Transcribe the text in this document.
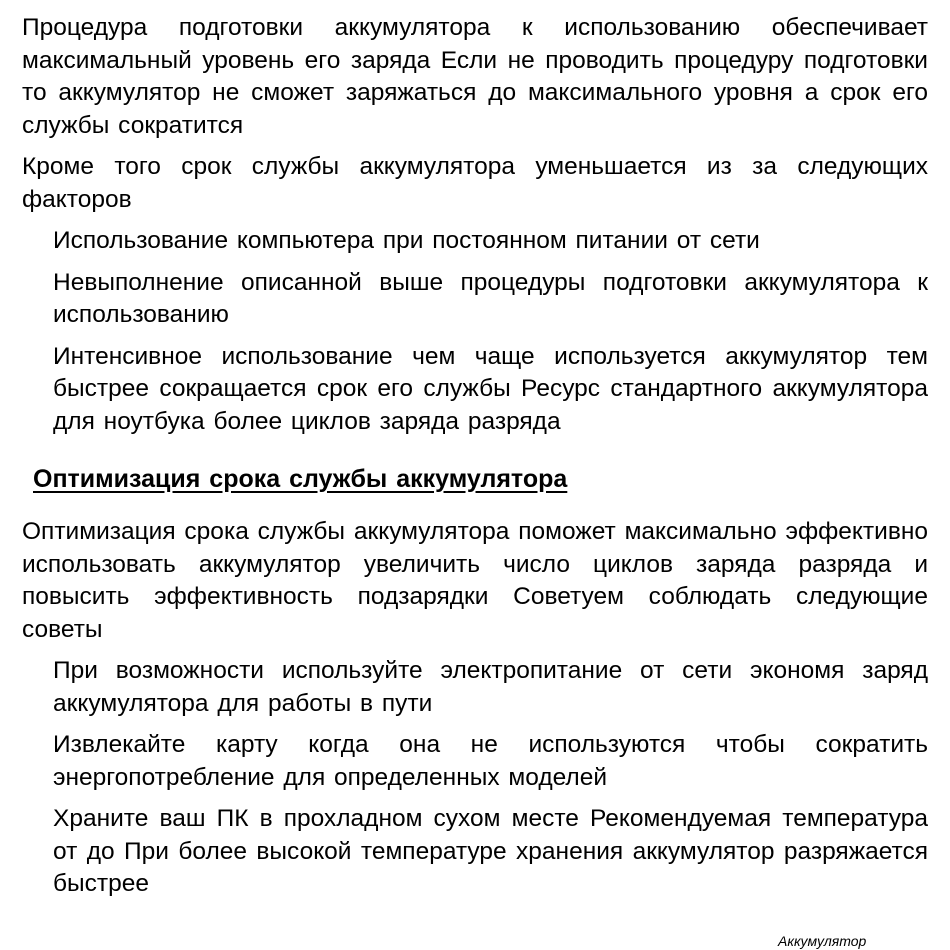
Процедура подготовки аккумулятора к использованию обеспечивает максимальный уровень его заряда Если не проводить процедуру подготовки то аккумулятор не сможет заряжаться до максимального уровня а срок его службы сократится

Кроме того срок службы аккумулятора уменьшается из за следующих факторов

Использование компьютера при постоянном питании от сети

Невыполнение описанной выше процедуры подготовки аккумулятора к использованию

Интенсивное использование чем чаще используется аккумулятор тем быстрее сокращается срок его службы Ресурс стандартного аккумулятора для ноутбука более циклов заряда разряда

Оптимизация срока службы аккумулятора

Оптимизация срока службы аккумулятора поможет максимально эффективно использовать аккумулятор увеличить число циклов заряда разряда и повысить эффективность подзарядки Советуем соблюдать следующие советы

При возможности используйте электропитание от сети экономя заряд аккумулятора для работы в пути

Извлекайте карту когда она не используются чтобы сократить энергопотребление для определенных моделей

Храните ваш ПК в прохладном сухом месте Рекомендуемая температура от до При более высокой температуре хранения аккумулятор разряжается быстрее

Аккумулятор
